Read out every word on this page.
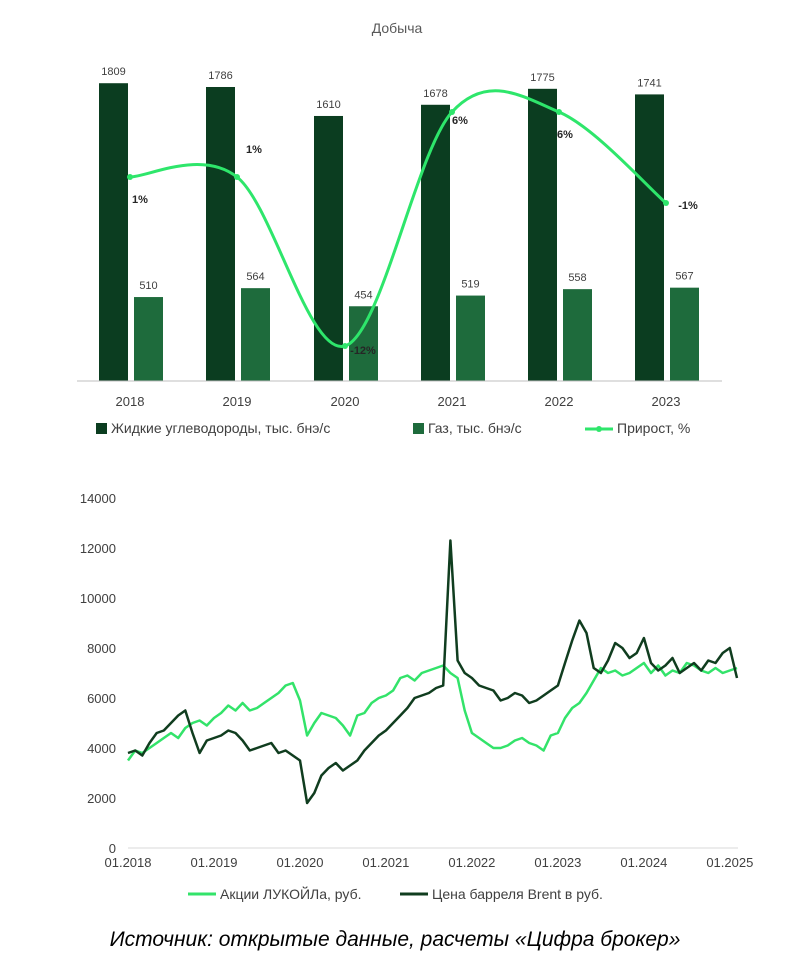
Добыча
1809
510
1786
564
1610
454
1678
519
1775
558
1741
567
2018	2019	2020	2021	2022	2023
1%
1%
-12%
6%
6%
-1%
Жидкие углеводороды, тыс. бнэ/с	Газ, тыс. бнэ/с	Прирост, %
0
2000
4000
6000
8000
10000
12000
14000
01.2018	01.2019	01.2020	01.2021	01.2022	01.2023	01.2024	01.2025
Акции ЛУКОЙЛа, руб.	Цена барреля Brent в руб.
Источник: открытые данные, расчеты «Цифра брокер»
